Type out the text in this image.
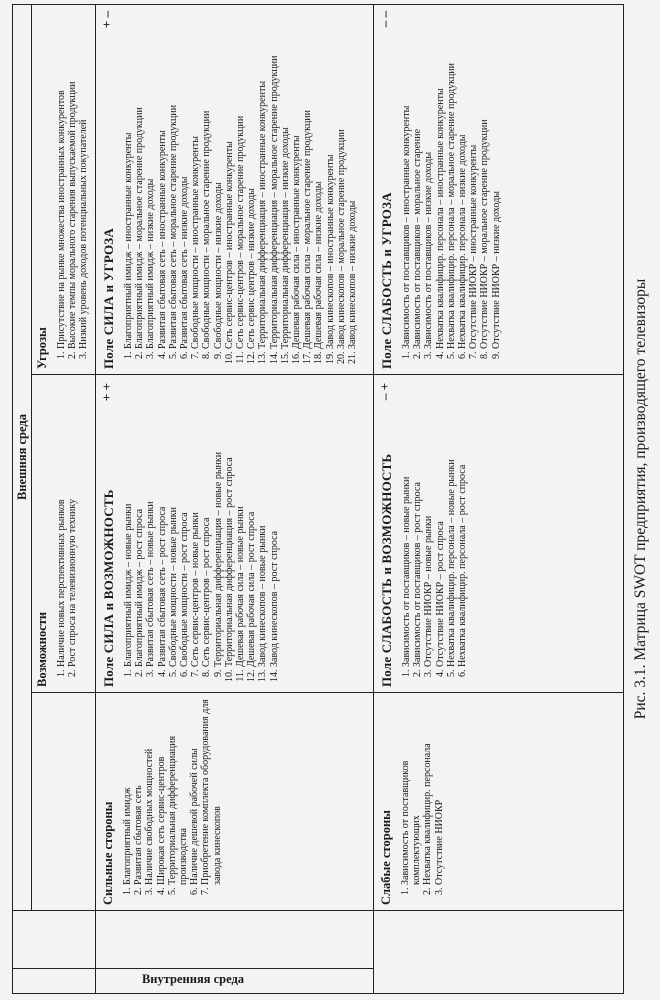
Внутренняя среда
Внешняя среда
Возможности 1. Наличие новых перспективных рынков 2. Рост спроса на телевизионную технику
Угрозы 1. Присутствие на рынке множества иностранных конкурентов 2. Высокие темпы морального старения выпускаемой продукции 3. Низкий уровень доходов потенциальных покупателей
Сильные стороны 1. Благоприятный имидж 2. Развитая сбытовая сеть 3. Наличие свободных мощностей 4. Широкая сеть сервис-центров 5. Территориальная дифференциация производства 6. Наличие дешевой рабочей силы 7. Приобретение комплекта оборудования для завода кинескопов
Поле СИЛА и ВОЗМОЖНОСТЬ
+ +
1. Благоприятный имидж – новые рынки 2. Благоприятный имидж – рост спроса 3. Развитая сбытовая сеть – новые рынки 4. Развитая сбытовая сеть – рост спроса 5. Свободные мощности – новые рынки 6. Свободные мощности – рост спроса 7. Сеть сервис-центров – новые рынки 8. Сеть сервис-центров – рост спроса 9. Территориальная дифференциация – новые рынки 10. Территориальная дифференциация – рост спроса 11. Дешевая рабочая сила – новые рынки 12. Дешевая рабочая сила – рост спроса 13. Завод кинескопов – новые рынки 14. Завод кинескопов – рост спроса
Поле СИЛА и УГРОЗА
+ –
1. Благоприятный имидж – иностранные конкуренты 2. Благоприятный имидж – моральное старение продукции 3. Благоприятный имидж – низкие доходы 4. Развитая сбытовая сеть – иностранные конкуренты 5. Развитая сбытовая сеть – моральное старение продукции 6. Развитая сбытовая сеть – низкие доходы 7. Свободные мощности – иностранные конкуренты 8. Свободные мощности – моральное старение продукции 9. Свободные мощности – низкие доходы 10. Сеть сервис-центров – иностранные конкуренты 11. Сеть сервис-центров – моральное старение продукции 12. Сеть сервис центров – низкие доходы 13. Территориальная дифференциация – иностранные конкуренты 14. Территориальная дифференциация – моральное старение продукции 15. Территориальная дифференциация – низкие доходы 16. Дешевая рабочая сила – иностранные конкуренты 17. Дешевая рабочая сила – моральное старение продукции 18. Дешевая рабочая сила – низкие доходы 19. Завод кинескопов – иностранные конкуренты 20. Завод кинескопов – моральное старение продукции 21. Завод кинескопов – низкие доходы
Слабые стороны 1. Зависимость от поставщиков комплектующих 2. Нехватка квалифицир. персонала 3. Отсутствие НИОКР
Поле СЛАБОСТЬ и ВОЗМОЖНОСТЬ
– +
1. Зависимость от поставщиков – новые рынки 2. Зависимость от поставщиков – рост спроса 3. Отсутствие НИОКР – новые рынки 4. Отсутствие НИОКР – рост спроса 5. Нехватка квалифицир. персонала – новые рынки 6. Нехватка квалифицир. персонала – рост спроса
Поле СЛАБОСТЬ и УГРОЗА
– –
1. Зависимость от поставщиков – иностранные конкуренты 2. Зависимость от поставщиков – моральное старение 3. Зависимость от поставщиков – низкие доходы 4. Нехватка квалифицир. персонала – иностранные конкуренты 5. Нехватка квалифицир. персонала – моральное старение продукции 6. Нехватка квалифицир. персонала – низкие доходы 7. Отсутствие НИОКР – иностранные конкуренты 8. Отсутствие НИОКР – моральное старение продукции 9. Отсутствие НИОКР – низкие доходы
Рис. 3.1. Матрица SWOT предприятия, производящего телевизоры
